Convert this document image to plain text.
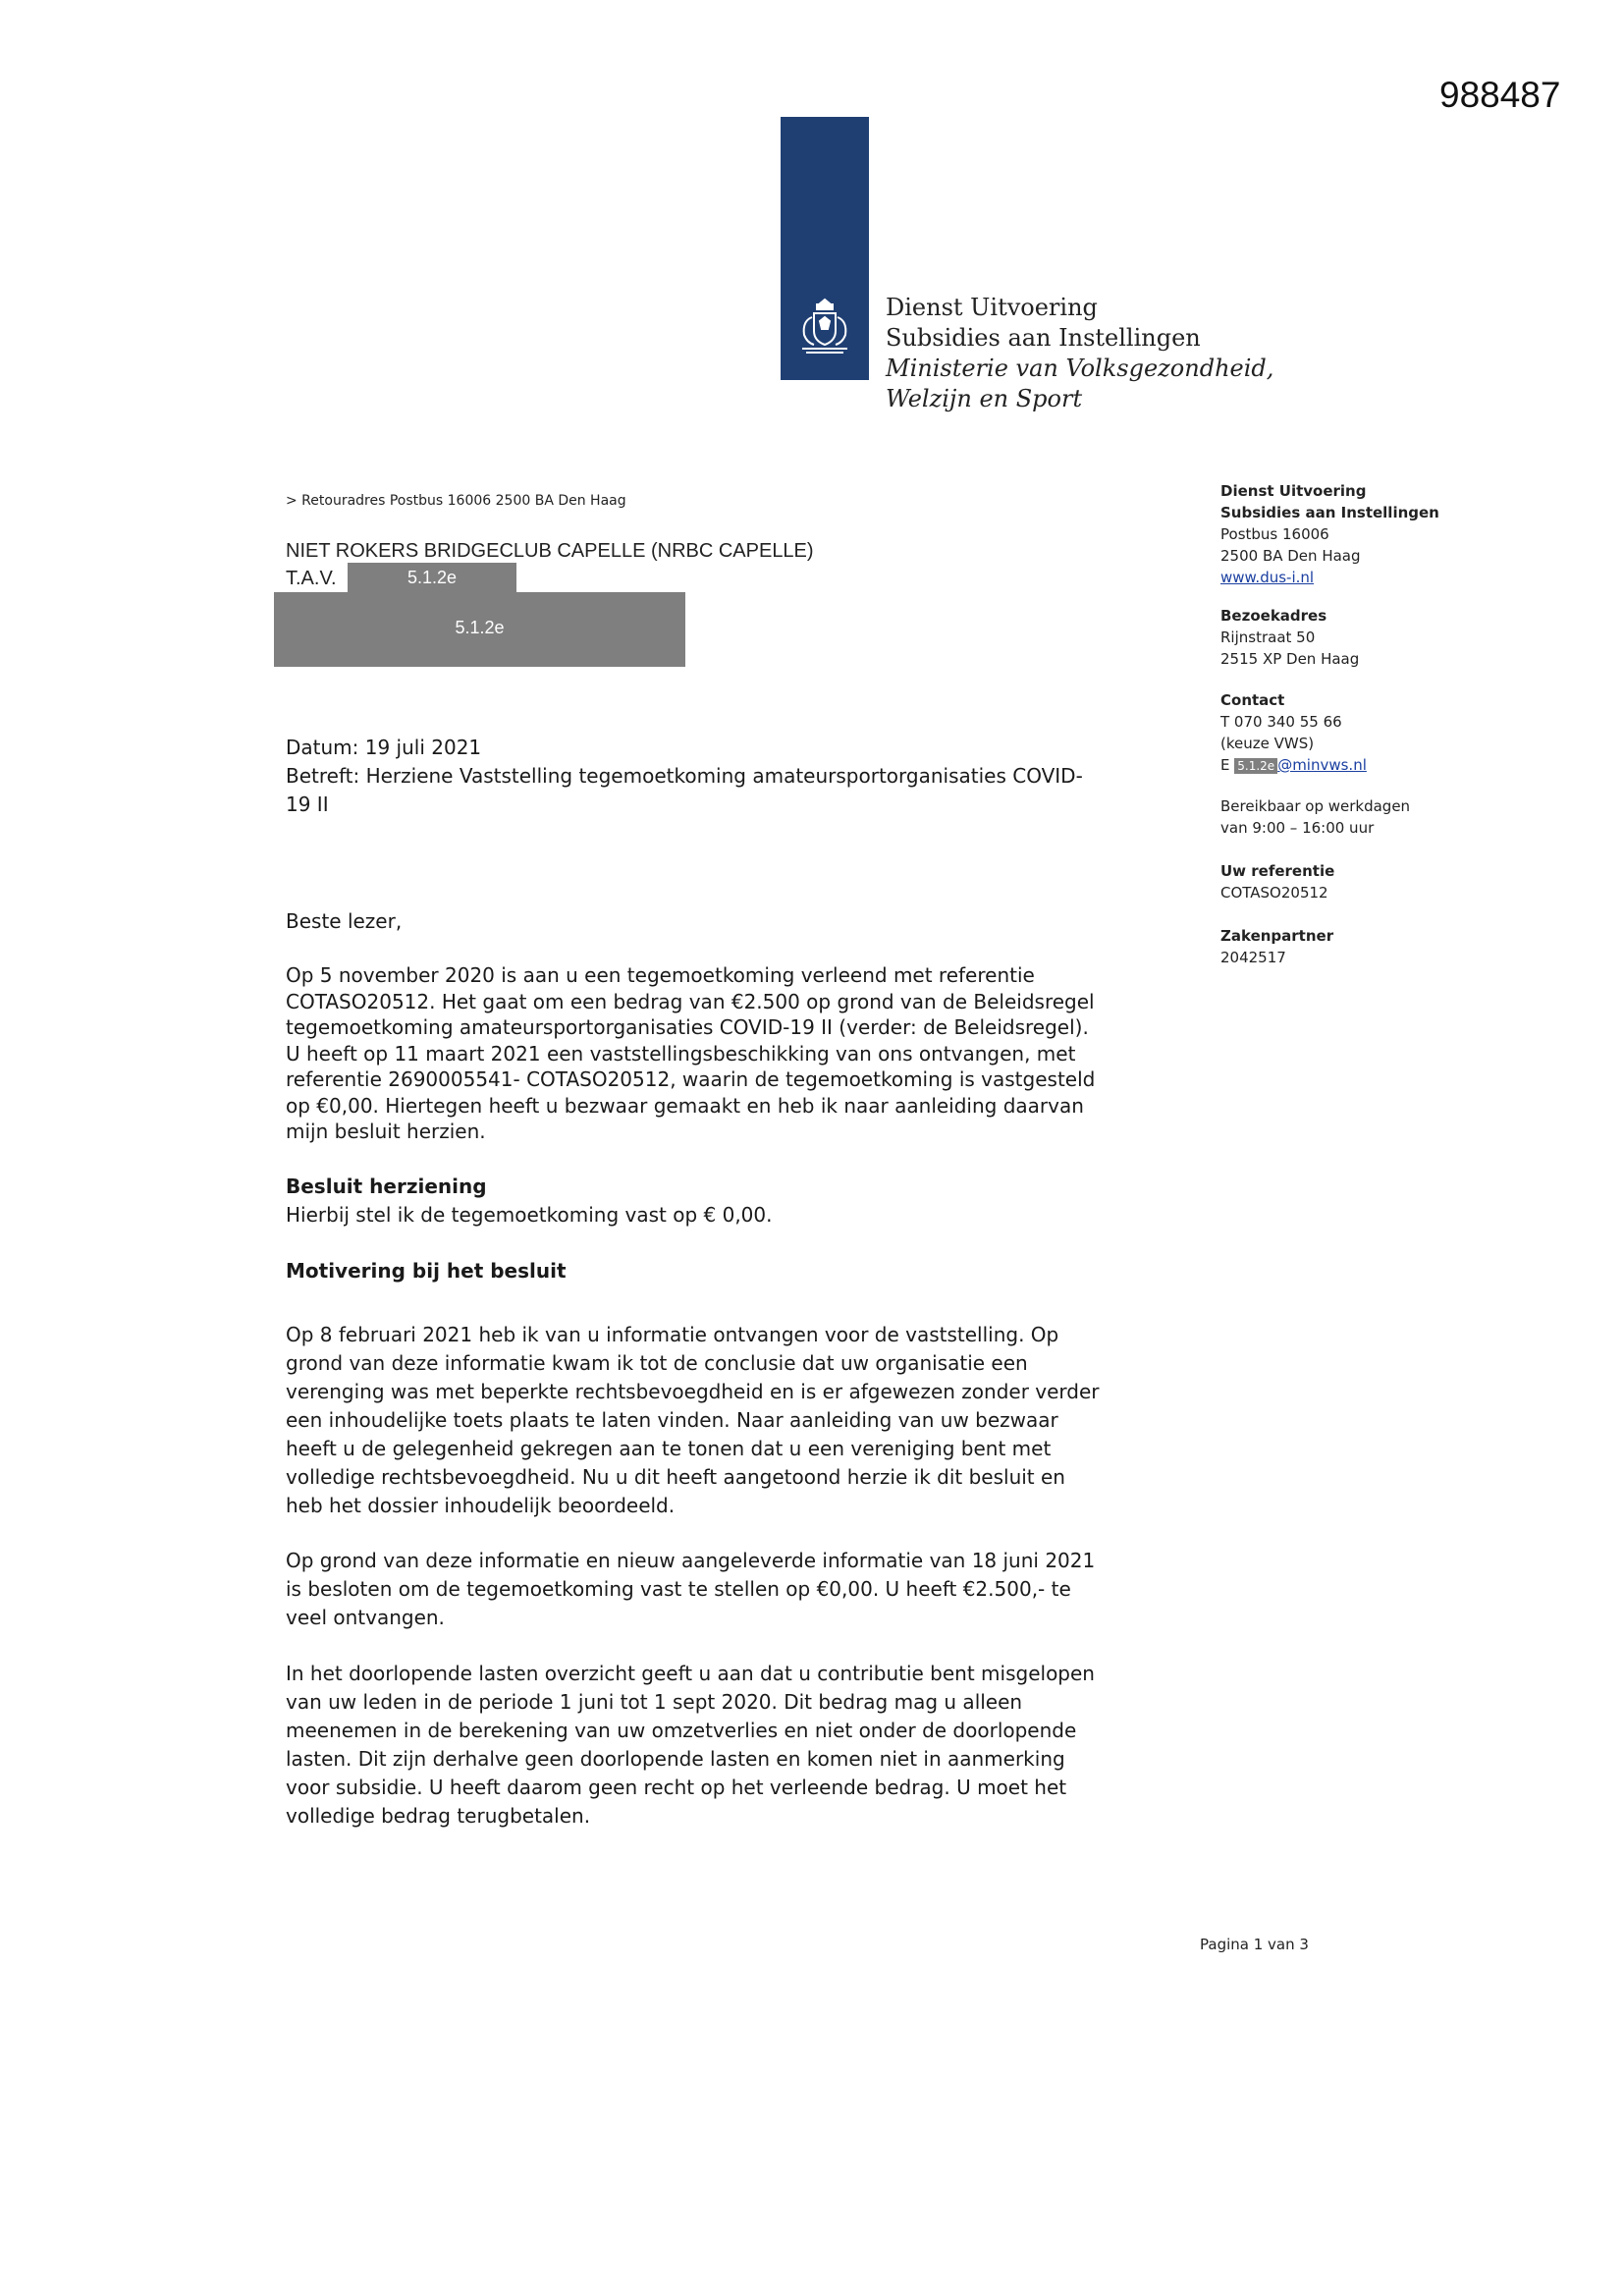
988487
Dienst Uitvoering
Subsidies aan Instellingen
Ministerie van Volksgezondheid,
Welzijn en Sport
> Retouradres Postbus 16006 2500 BA Den Haag
NIET ROKERS BRIDGECLUB CAPELLE (NRBC CAPELLE)
T.A.V.	5.1.2e
5.1.2e

Datum: 19 juli 2021

Betreft: Herziene Vaststelling tegemoetkoming amateursportorganisaties COVID-

19 II

Beste lezer,

Op 5 november 2020 is aan u een tegemoetkoming verleend met referentie

COTASO20512. Het gaat om een bedrag van €2.500 op grond van de Beleidsregel

tegemoetkoming amateursportorganisaties COVID-19 II (verder: de Beleidsregel).

U heeft op 11 maart 2021 een vaststellingsbeschikking van ons ontvangen, met

referentie 2690005541- COTASO20512, waarin de tegemoetkoming is vastgesteld

op €0,00. Hiertegen heeft u bezwaar gemaakt en heb ik naar aanleiding daarvan

mijn besluit herzien.

Besluit herziening

Hierbij stel ik de tegemoetkoming vast op € 0,00.

Motivering bij het besluit

Op 8 februari 2021 heb ik van u informatie ontvangen voor de vaststelling. Op

grond van deze informatie kwam ik tot de conclusie dat uw organisatie een

verenging was met beperkte rechtsbevoegdheid en is er afgewezen zonder verder

een inhoudelijke toets plaats te laten vinden. Naar aanleiding van uw bezwaar

heeft u de gelegenheid gekregen aan te tonen dat u een vereniging bent met

volledige rechtsbevoegdheid. Nu u dit heeft aangetoond herzie ik dit besluit en

heb het dossier inhoudelijk beoordeeld.

Op grond van deze informatie en nieuw aangeleverde informatie van 18 juni 2021

is besloten om de tegemoetkoming vast te stellen op €0,00. U heeft €2.500,- te

veel ontvangen.

In het doorlopende lasten overzicht geeft u aan dat u contributie bent misgelopen

van uw leden in de periode 1 juni tot 1 sept 2020. Dit bedrag mag u alleen

meenemen in de berekening van uw omzetverlies en niet onder de doorlopende

lasten. Dit zijn derhalve geen doorlopende lasten en komen niet in aanmerking

voor subsidie. U heeft daarom geen recht op het verleende bedrag. U moet het

volledige bedrag terugbetalen.

Dienst Uitvoering
Subsidies aan Instellingen
Postbus 16006
2500 BA Den Haag
www.dus-i.nl
Bezoekadres
Rijnstraat 50
2515 XP Den Haag
Contact
T 070 340 55 66
(keuze VWS)
E 5.1.2e @minvws.nl
Bereikbaar op werkdagen
van 9:00 – 16:00 uur
Uw referentie
COTASO20512
Zakenpartner
2042517
Pagina 1 van 3
